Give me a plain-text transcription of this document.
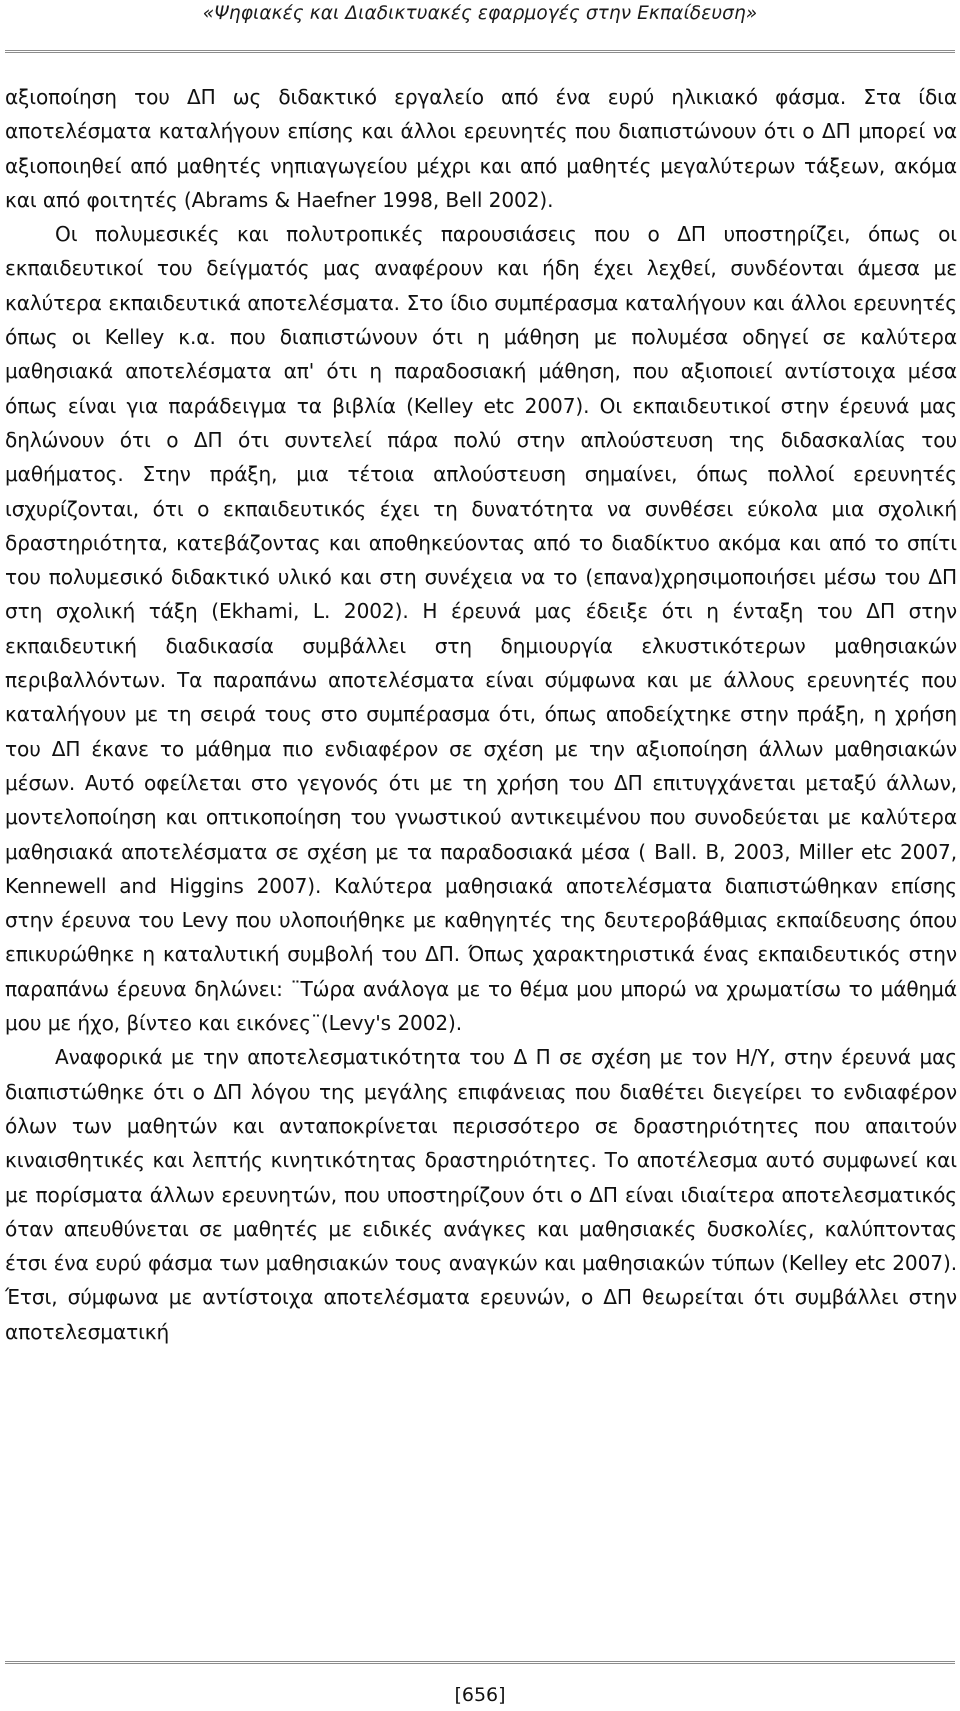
«Ψηφιακές και Διαδικτυακές εφαρμογές στην Εκπαίδευση»

αξιοποίηση του ΔΠ ως διδακτικό εργαλείο από ένα ευρύ ηλικιακό φάσμα. Στα ίδια αποτελέσματα καταλήγουν επίσης και άλλοι ερευνητές που διαπιστώνουν ότι ο ΔΠ μπορεί να αξιοποιηθεί από μαθητές νηπιαγωγείου μέχρι και από μαθητές μεγαλύτερων τάξεων, ακόμα και από φοιτητές (Abrams & Haefner 1998, Bell 2002).

Οι πολυμεσικές και πολυτροπικές παρουσιάσεις που ο ΔΠ υποστηρίζει, όπως οι εκπαιδευτικοί του δείγματός μας αναφέρουν και ήδη έχει λεχθεί, συνδέονται άμεσα με καλύτερα εκπαιδευτικά αποτελέσματα. Στο ίδιο συμπέρασμα καταλήγουν και άλλοι ερευνητές όπως οι Kelley κ.α. που διαπιστώνουν ότι η μάθηση με πολυμέσα οδηγεί σε καλύτερα μαθησιακά αποτελέσματα απ' ότι η παραδοσιακή μάθηση, που αξιοποιεί αντίστοιχα μέσα όπως είναι για παράδειγμα τα βιβλία (Kelley etc 2007). Οι εκπαιδευτικοί στην έρευνά μας δηλώνουν ότι ο ΔΠ ότι συντελεί πάρα πολύ στην απλούστευση της διδασκαλίας του μαθήματος. Στην πράξη, μια τέτοια απλούστευση σημαίνει, όπως πολλοί ερευνητές ισχυρίζονται, ότι ο εκπαιδευτικός έχει τη δυνατότητα να συνθέσει εύκολα μια σχολική δραστηριότητα, κατεβάζοντας και αποθηκεύοντας από το διαδίκτυο ακόμα και από το σπίτι του πολυμεσικό διδακτικό υλικό και στη συνέχεια να το (επανα)χρησιμοποιήσει μέσω του ΔΠ στη σχολική τάξη (Ekhami, L. 2002). Η έρευνά μας έδειξε ότι η ένταξη του ΔΠ στην εκπαιδευτική διαδικασία συμβάλλει στη δημιουργία ελκυστικότερων μαθησιακών περιβαλλόντων. Τα παραπάνω αποτελέσματα είναι σύμφωνα και με άλλους ερευνητές που καταλήγουν με τη σειρά τους στο συμπέρασμα ότι, όπως αποδείχτηκε στην πράξη, η χρήση του ΔΠ έκανε το μάθημα πιο ενδιαφέρον σε σχέση με την αξιοποίηση άλλων μαθησιακών μέσων. Αυτό οφείλεται στο γεγονός ότι με τη χρήση του ΔΠ επιτυγχάνεται μεταξύ άλλων, μοντελοποίηση και οπτικοποίηση του γνωστικού αντικειμένου που συνοδεύεται με καλύτερα μαθησιακά αποτελέσματα σε σχέση με τα παραδοσιακά μέσα ( Ball. B, 2003, Miller etc 2007, Kennewell and Higgins 2007). Καλύτερα μαθησιακά αποτελέσματα διαπιστώθηκαν επίσης στην έρευνα του Levy που υλοποιήθηκε με καθηγητές της δευτεροβάθμιας εκπαίδευσης όπου επικυρώθηκε η καταλυτική συμβολή του ΔΠ. Όπως χαρακτηριστικά ένας εκπαιδευτικός στην παραπάνω έρευνα δηλώνει: ¨Τώρα ανάλογα με το θέμα μου μπορώ να χρωματίσω το μάθημά μου με ήχο, βίντεο και εικόνες¨(Levy's 2002).

Αναφορικά με την αποτελεσματικότητα του Δ Π σε σχέση με τον Η/Υ, στην έρευνά μας διαπιστώθηκε ότι ο ΔΠ λόγου της μεγάλης επιφάνειας που διαθέτει διεγείρει το ενδιαφέρον όλων των μαθητών και ανταποκρίνεται περισσότερο σε δραστηριότητες που απαιτούν κιναισθητικές και λεπτής κινητικότητας δραστηριότητες. Το αποτέλεσμα αυτό συμφωνεί και με πορίσματα άλλων ερευνητών, που υποστηρίζουν ότι ο ΔΠ είναι ιδιαίτερα αποτελεσματικός όταν απευθύνεται σε μαθητές με ειδικές ανάγκες και μαθησιακές δυσκολίες, καλύπτοντας έτσι ένα ευρύ φάσμα των μαθησιακών τους αναγκών και μαθησιακών τύπων (Kelley etc 2007). Έτσι, σύμφωνα με αντίστοιχα αποτελέσματα ερευνών, ο ΔΠ θεωρείται ότι συμβάλλει στην αποτελεσματική

[656]
